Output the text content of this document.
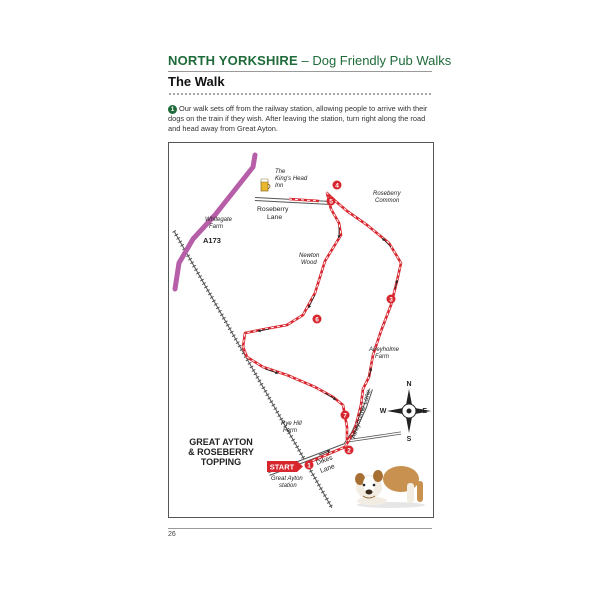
NORTH YORKSHIRE – Dog Friendly Pub Walks
The Walk
1 Our walk sets off from the railway station, allowing people to arrive with their dogs on the train if they wish. After leaving the station, turn right along the road and head away from Great Ayton.
1
2
3
4
5
6
7
The
King's Head
Inn
Roseberry
Common
Whitegate
Farm
Newton
Wood
Aireyholme
Farm
Rye Hill
Farm
Great Ayton
station
Roseberry
Lane
Dikes
Lane
Aireyholme Lane
A173
GREAT AYTON
& ROSEBERRY
TOPPING	START
N
S
W	E
26
